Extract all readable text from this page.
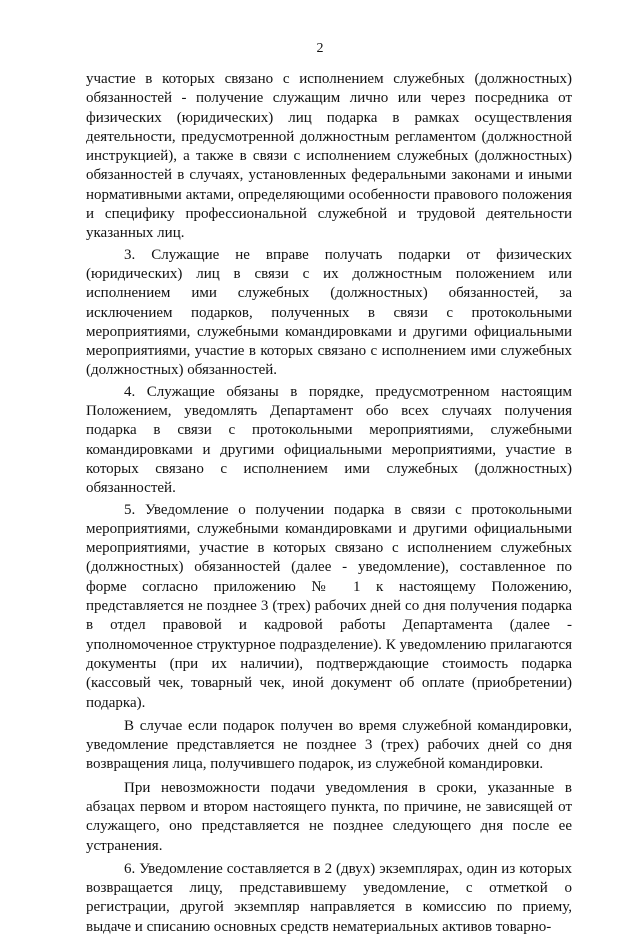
2

участие в которых связано с исполнением служебных (должностных) обязанностей - получение служащим лично или через посредника от физических (юридических) лиц подарка в рамках осуществления деятельности, предусмотренной должностным регламентом (должностной инструкцией), а также в связи с исполнением служебных (должностных) обязанностей в случаях, установленных федеральными законами и иными нормативными актами, определяющими особенности правового положения и специфику профессиональной служебной и трудовой деятельности указанных лиц.

3. Служащие не вправе получать подарки от физических (юридических) лиц в связи с их должностным положением или исполнением ими служебных (должностных) обязанностей, за исключением подарков, полученных в связи с протокольными мероприятиями, служебными командировками и другими официальными мероприятиями, участие в которых связано с исполнением ими служебных (должностных) обязанностей.

4. Служащие обязаны в порядке, предусмотренном настоящим Положением, уведомлять Департамент обо всех случаях получения подарка в связи с протокольными мероприятиями, служебными командировками и другими официальными мероприятиями, участие в которых связано с исполнением ими служебных (должностных) обязанностей.

5. Уведомление о получении подарка в связи с протокольными мероприятиями, служебными командировками и другими официальными мероприятиями, участие в которых связано с исполнением служебных (должностных) обязанностей (далее - уведомление), составленное по форме согласно приложению № 1 к настоящему Положению, представляется не позднее 3 (трех) рабочих дней со дня получения подарка в отдел правовой и кадровой работы Департамента (далее - уполномоченное структурное подразделение). К уведомлению прилагаются документы (при их наличии), подтверждающие стоимость подарка (кассовый чек, товарный чек, иной документ об оплате (приобретении) подарка).

В случае если подарок получен во время служебной командировки, уведомление представляется не позднее 3 (трех) рабочих дней со дня возвращения лица, получившего подарок, из служебной командировки.

При невозможности подачи уведомления в сроки, указанные в абзацах первом и втором настоящего пункта, по причине, не зависящей от служащего, оно представляется не позднее следующего дня после ее устранения.

6. Уведомление составляется в 2 (двух) экземплярах, один из которых возвращается лицу, представившему уведомление, с отметкой о регистрации, другой экземпляр направляется в комиссию по приему, выдаче и списанию основных средств нематериальных активов товарно-
